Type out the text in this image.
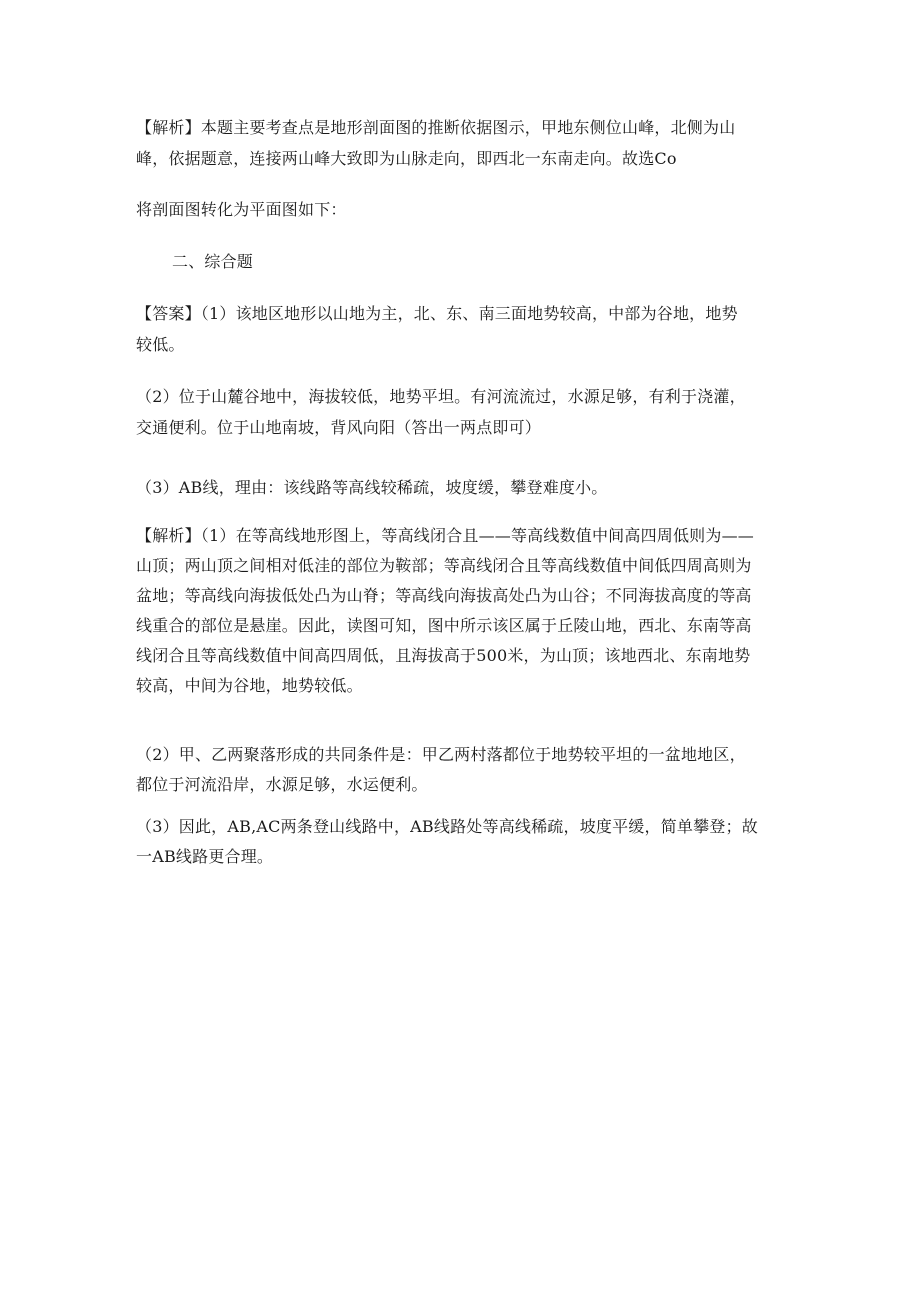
【解析】本题主要考查点是地形剖面图的推断依据图示，甲地东侧位山峰，北侧为山
峰，依据题意，连接两山峰大致即为山脉走向，即西北一东南走向。故选Co

将剖面图转化为平面图如下：

二、综合题

【答案】（1）该地区地形以山地为主，北、东、南三面地势较高，中部为谷地，地势
较低。

（2）位于山麓谷地中，海拔较低，地势平坦。有河流流过，水源足够，有利于浇灌，
交通便利。位于山地南坡，背风向阳（答出一两点即可）

（3）AB线，理由：该线路等高线较稀疏，坡度缓，攀登难度小。

【解析】（1）在等高线地形图上，等高线闭合且——等高线数值中间高四周低则为——
山顶；两山顶之间相对低洼的部位为鞍部；等高线闭合且等高线数值中间低四周高则为
盆地；等高线向海拔低处凸为山脊；等高线向海拔高处凸为山谷；不同海拔高度的等高
线重合的部位是悬崖。因此，读图可知，图中所示该区属于丘陵山地，西北、东南等高
线闭合且等高线数值中间高四周低，且海拔高于500米，为山顶；该地西北、东南地势
较高，中间为谷地，地势较低。

（2）甲、乙两聚落形成的共同条件是：甲乙两村落都位于地势较平坦的一盆地地区，
都位于河流沿岸，水源足够，水运便利。

（3）因此，AB,AC两条登山线路中，AB线路处等高线稀疏，坡度平缓，简单攀登；故
一AB线路更合理。
